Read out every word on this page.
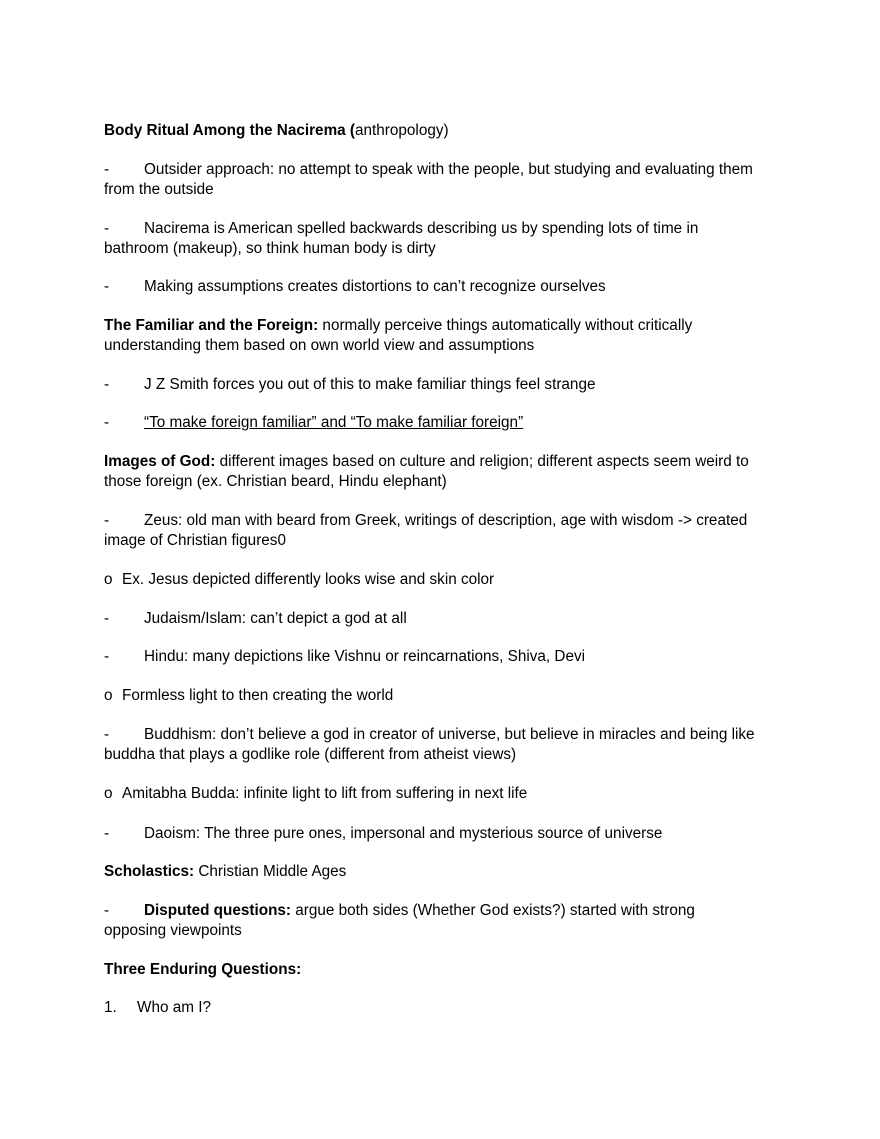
Body Ritual Among the Nacirema (anthropology)
- Outsider approach: no attempt to speak with the people, but studying and evaluating them
from the outside
- Nacirema is American spelled backwards describing us by spending lots of time in
bathroom (makeup), so think human body is dirty
- Making assumptions creates distortions to can’t recognize ourselves
The Familiar and the Foreign: normally perceive things automatically without critically
understanding them based on own world view and assumptions
- J Z Smith forces you out of this to make familiar things feel strange
- “To make foreign familiar” and “To make familiar foreign”
Images of God: different images based on culture and religion; different aspects seem weird to
those foreign (ex. Christian beard, Hindu elephant)
- Zeus: old man with beard from Greek, writings of description, age with wisdom -> created
image of Christian figures0
o Ex. Jesus depicted differently looks wise and skin color
- Judaism/Islam: can’t depict a god at all
- Hindu: many depictions like Vishnu or reincarnations, Shiva, Devi
o Formless light to then creating the world
- Buddhism: don’t believe a god in creator of universe, but believe in miracles and being like
buddha that plays a godlike role (different from atheist views)
o Amitabha Budda: infinite light to lift from suffering in next life
- Daoism: The three pure ones, impersonal and mysterious source of universe
Scholastics: Christian Middle Ages
- Disputed questions: argue both sides (Whether God exists?) started with strong
opposing viewpoints
Three Enduring Questions:
1. Who am I?
